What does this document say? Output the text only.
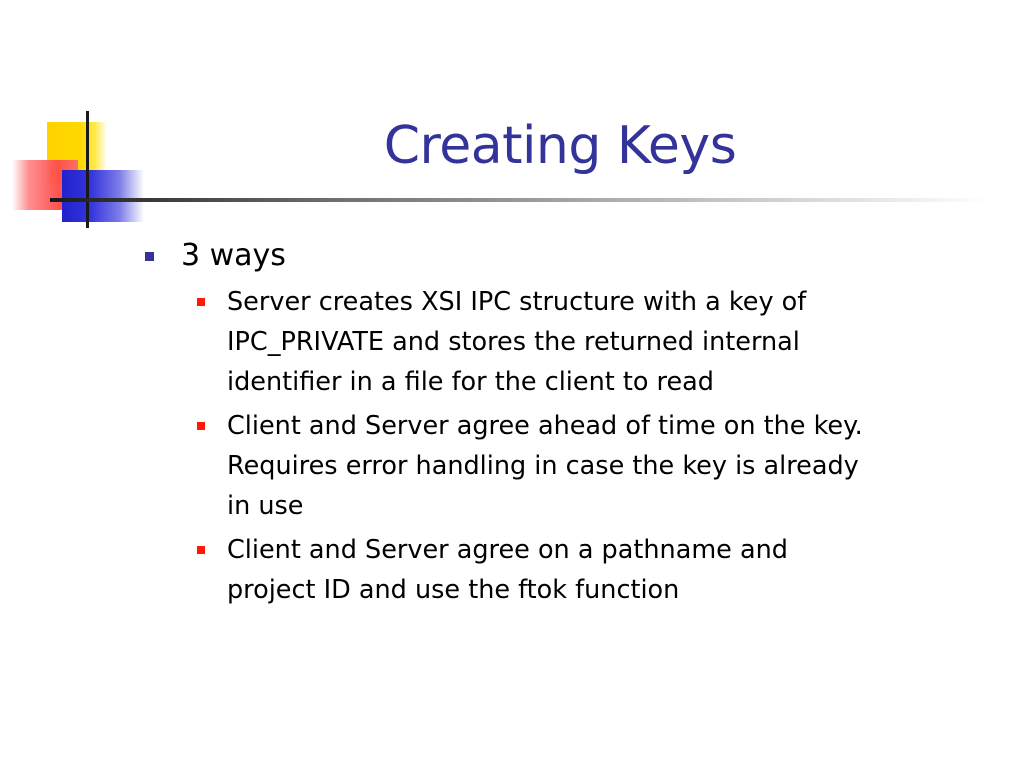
Creating Keys
3 ways
Server creates XSI IPC structure with a key of
IPC_PRIVATE and stores the returned internal
identifier in a file for the client to read
Client and Server agree ahead of time on the key.
Requires error handling in case the key is already
in use
Client and Server agree on a pathname and
project ID and use the ftok function
